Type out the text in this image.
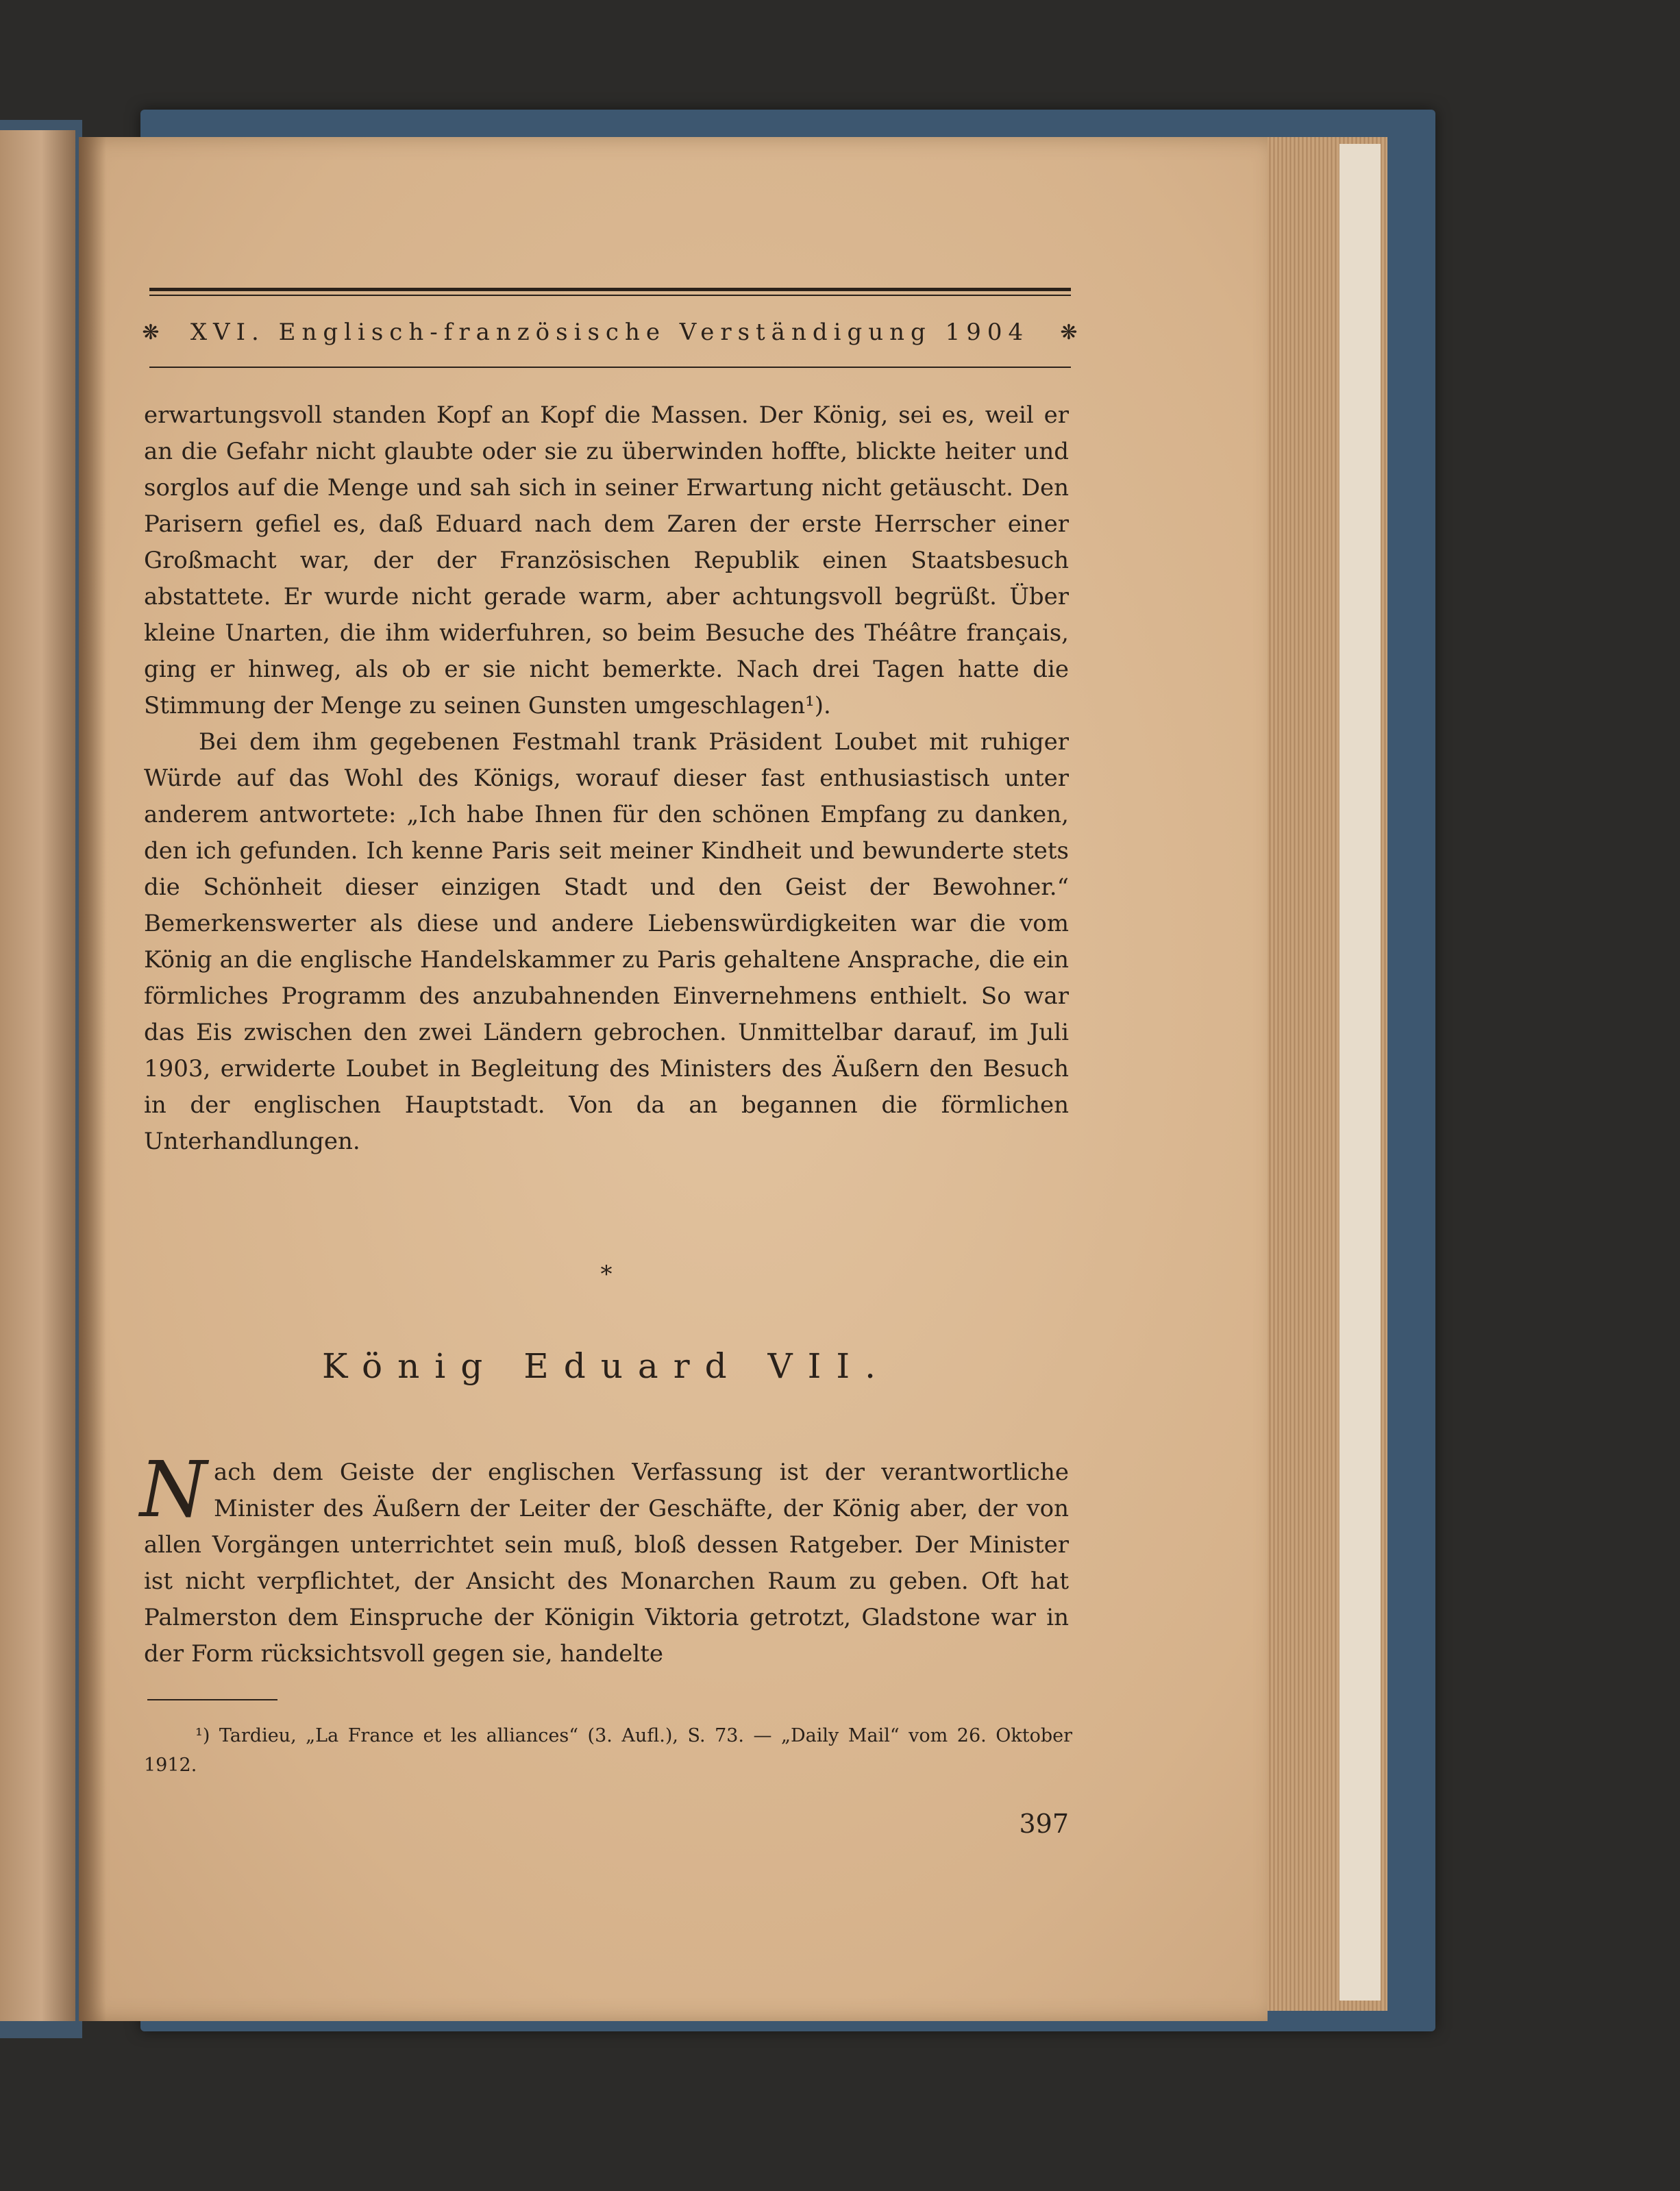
❋	XVI. Englisch-französische Verständigung 1904	❋

erwartungsvoll standen Kopf an Kopf die Massen. Der König, sei es, weil er an die Gefahr nicht glaubte oder sie zu überwinden hoffte, blickte heiter und sorglos auf die Menge und sah sich in seiner Erwartung nicht getäuscht. Den Parisern gefiel es, daß Eduard nach dem Zaren der erste Herrscher einer Großmacht war, der der Französischen Republik einen Staatsbesuch abstattete. Er wurde nicht gerade warm, aber achtungsvoll begrüßt. Über kleine Unarten, die ihm widerfuhren, so beim Besuche des Théâtre français, ging er hinweg, als ob er sie nicht bemerkte. Nach drei Tagen hatte die Stimmung der Menge zu seinen Gunsten umgeschlagen¹).

Bei dem ihm gegebenen Festmahl trank Präsident Loubet mit ruhiger Würde auf das Wohl des Königs, worauf dieser fast enthusiastisch unter anderem antwortete: „Ich habe Ihnen für den schönen Empfang zu danken, den ich gefunden. Ich kenne Paris seit meiner Kindheit und bewunderte stets die Schönheit dieser einzigen Stadt und den Geist der Bewohner.“ Bemerkenswerter als diese und andere Liebenswürdigkeiten war die vom König an die englische Handelskammer zu Paris gehaltene Ansprache, die ein förmliches Programm des anzubahnenden Einvernehmens enthielt. So war das Eis zwischen den zwei Ländern gebrochen. Unmittelbar darauf, im Juli 1903, erwiderte Loubet in Begleitung des Ministers des Äußern den Besuch in der englischen Hauptstadt. Von da an begannen die förmlichen Unterhandlungen.

*
König Eduard VII.
N ach dem Geiste der englischen Verfassung ist der verantwortliche Minister des Äußern der Leiter der Geschäfte, der König aber, der von allen Vorgängen unterrichtet sein muß, bloß dessen Ratgeber. Der Minister ist nicht verpflichtet, der Ansicht des Monarchen Raum zu geben. Oft hat Palmerston dem Einspruche der Königin Viktoria getrotzt, Gladstone war in der Form rücksichtsvoll gegen sie, handelte
¹) Tardieu, „La France et les alliances“ (3. Aufl.), S. 73. — „Daily Mail“ vom 26. Oktober 1912.
397
